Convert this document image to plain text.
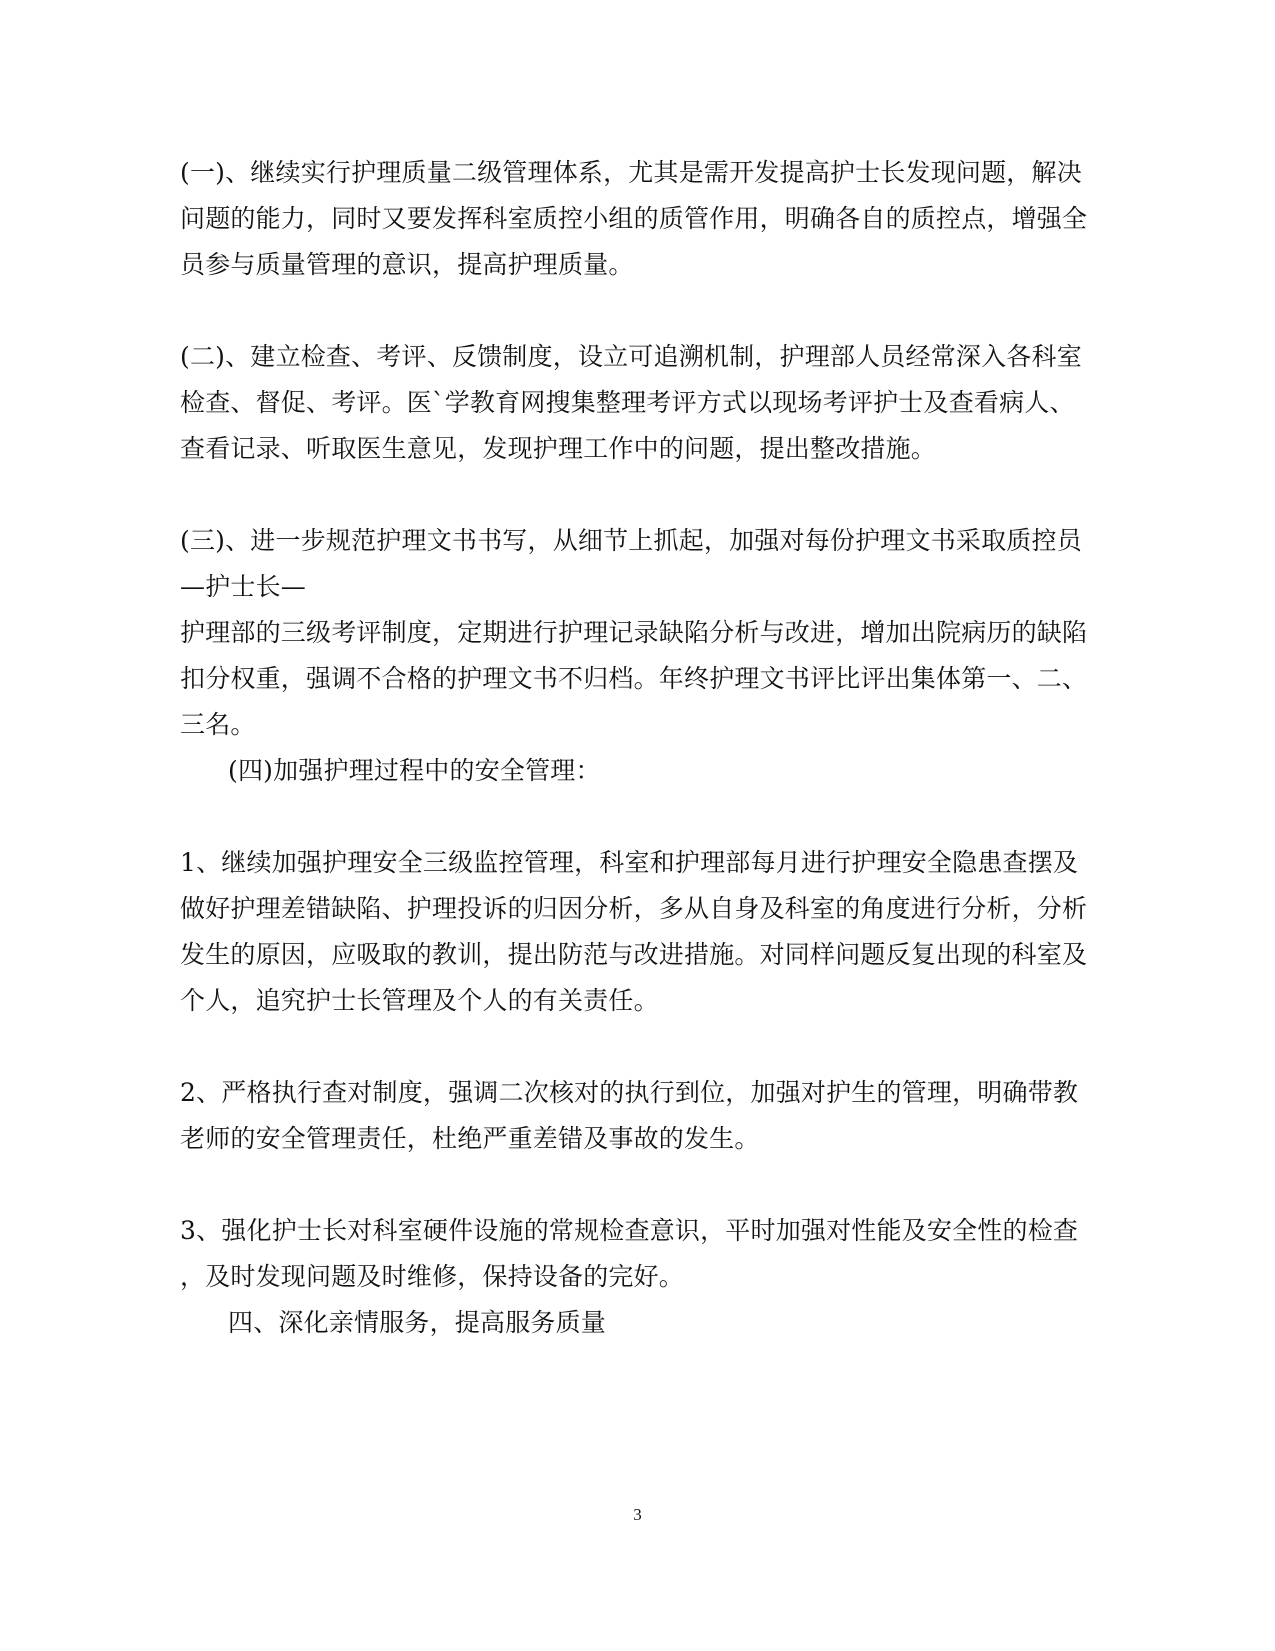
(一)、继续实行护理质量二级管理体系，尤其是需开发提高护士长发现问题，解决

问题的能力，同时又要发挥科室质控小组的质管作用，明确各自的质控点，增强全

员参与质量管理的意识，提高护理质量。

(二)、建立检查、考评、反馈制度，设立可追溯机制，护理部人员经常深入各科室

检查、督促、考评。医`学教育网搜集整理考评方式以现场考评护士及查看病人、

查看记录、听取医生意见，发现护理工作中的问题，提出整改措施。

(三)、进一步规范护理文书书写，从细节上抓起，加强对每份护理文书采取质控员

—护士长—

护理部的三级考评制度，定期进行护理记录缺陷分析与改进，增加出院病历的缺陷

扣分权重，强调不合格的护理文书不归档。年终护理文书评比评出集体第一、二、

三名。

(四)加强护理过程中的安全管理：

1、继续加强护理安全三级监控管理，科室和护理部每月进行护理安全隐患查摆及

做好护理差错缺陷、护理投诉的归因分析，多从自身及科室的角度进行分析，分析

发生的原因，应吸取的教训，提出防范与改进措施。对同样问题反复出现的科室及

个人，追究护士长管理及个人的有关责任。

2、严格执行查对制度，强调二次核对的执行到位，加强对护生的管理，明确带教

老师的安全管理责任，杜绝严重差错及事故的发生。

3、强化护士长对科室硬件设施的常规检查意识，平时加强对性能及安全性的检查

，及时发现问题及时维修，保持设备的完好。

四、深化亲情服务，提高服务质量

3
